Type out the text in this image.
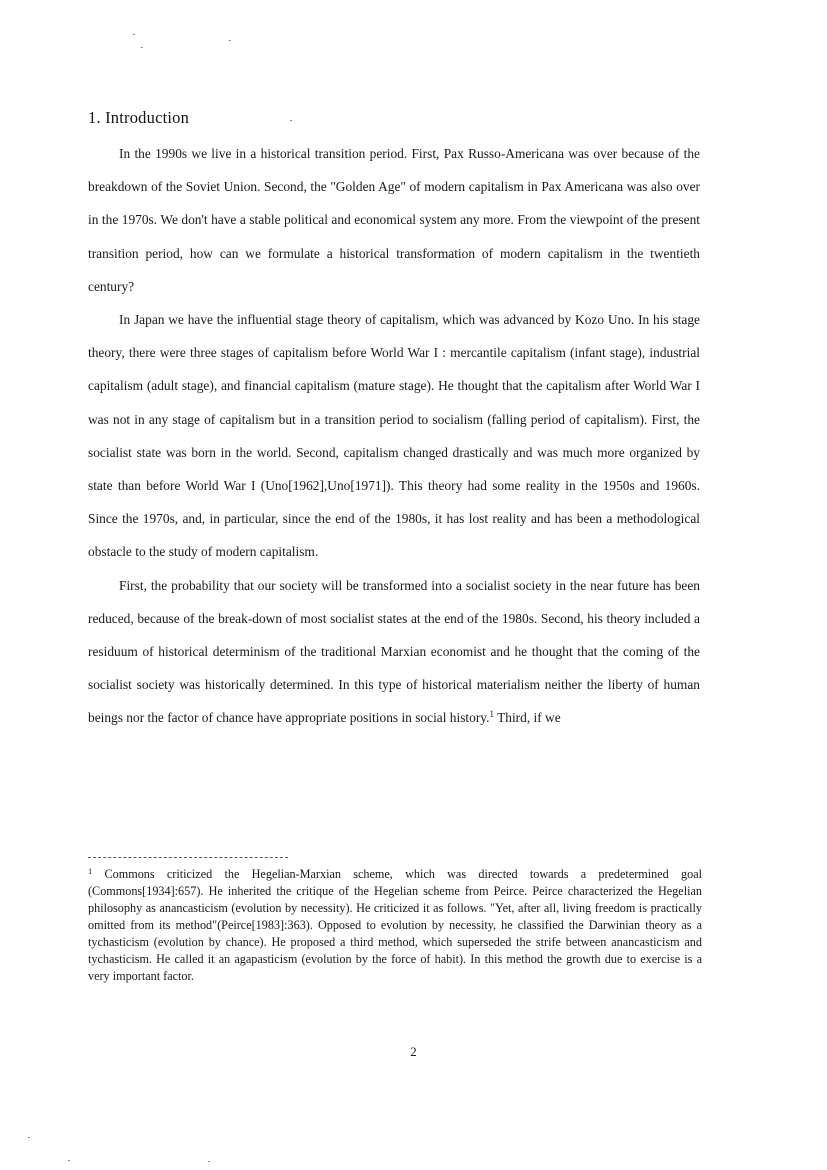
1. Introduction

In the 1990s we live in a historical transition period. First, Pax Russo-Americana was over because of the breakdown of the Soviet Union. Second, the "Golden Age" of modern capitalism in Pax Americana was also over in the 1970s. We don't have a stable political and economical system any more. From the viewpoint of the present transition period, how can we formulate a historical transformation of modern capitalism in the twentieth century?

In Japan we have the influential stage theory of capitalism, which was advanced by Kozo Uno. In his stage theory, there were three stages of capitalism before World War I : mercantile capitalism (infant stage), industrial capitalism (adult stage), and financial capitalism (mature stage). He thought that the capitalism after World War I was not in any stage of capitalism but in a transition period to socialism (falling period of capitalism). First, the socialist state was born in the world. Second, capitalism changed drastically and was much more organized by state than before World War I (Uno[1962],Uno[1971]). This theory had some reality in the 1950s and 1960s. Since the 1970s, and, in particular, since the end of the 1980s, it has lost reality and has been a methodological obstacle to the study of modern capitalism.

First, the probability that our society will be transformed into a socialist society in the near future has been reduced, because of the break-down of most socialist states at the end of the 1980s. Second, his theory included a residuum of historical determinism of the traditional Marxian economist and he thought that the coming of the socialist society was historically determined. In this type of historical materialism neither the liberty of human beings nor the factor of chance have appropriate positions in social history.$^1$ Third, if we

$^1$ Commons criticized the Hegelian-Marxian scheme, which was directed towards a predetermined goal (Commons[1934]:657). He inherited the critique of the Hegelian scheme from Peirce. Peirce characterized the Hegelian philosophy as anancasticism (evolution by necessity). He criticized it as follows. "Yet, after all, living freedom is practically omitted from its method"(Peirce[1983]:363). Opposed to evolution by necessity, he classified the Darwinian theory as a tychasticism (evolution by chance). He proposed a third method, which superseded the strife between anancasticism and tychasticism. He called it an agapasticism (evolution by the force of habit). In this method the growth due to exercise is a very important factor.
2
